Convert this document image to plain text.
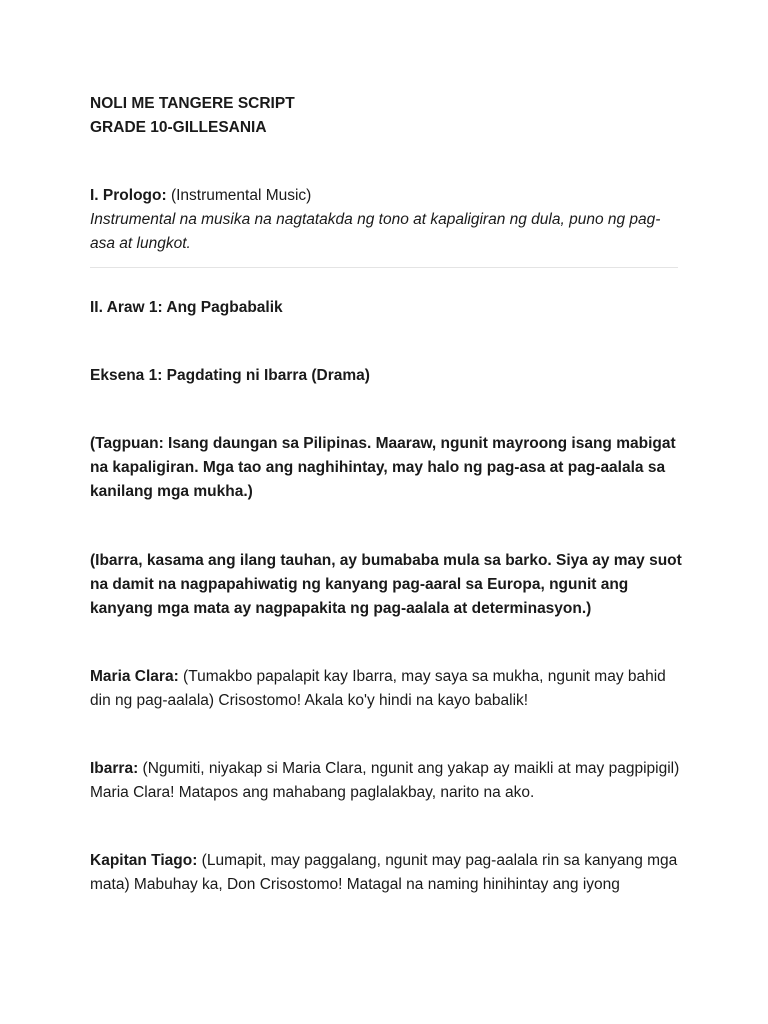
NOLI ME TANGERE SCRIPT
GRADE 10-GILLESANIA

I. Prologo: (Instrumental Music)
Instrumental na musika na nagtatakda ng tono at kapaligiran ng dula, puno ng pag-asa at lungkot.

II. Araw 1: Ang Pagbabalik

Eksena 1: Pagdating ni Ibarra (Drama)

(Tagpuan: Isang daungan sa Pilipinas. Maaraw, ngunit mayroong isang mabigat na kapaligiran. Mga tao ang naghihintay, may halo ng pag-asa at pag-aalala sa kanilang mga mukha.)

(Ibarra, kasama ang ilang tauhan, ay bumababa mula sa barko. Siya ay may suot na damit na nagpapahiwatig ng kanyang pag-aaral sa Europa, ngunit ang kanyang mga mata ay nagpapakita ng pag-aalala at determinasyon.)

Maria Clara: (Tumakbo papalapit kay Ibarra, may saya sa mukha, ngunit may bahid din ng pag-aalala) Crisostomo! Akala ko'y hindi na kayo babalik!

Ibarra: (Ngumiti, niyakap si Maria Clara, ngunit ang yakap ay maikli at may pagpipigil) Maria Clara! Matapos ang mahabang paglalakbay, narito na ako.

Kapitan Tiago: (Lumapit, may paggalang, ngunit may pag-aalala rin sa kanyang mga mata) Mabuhay ka, Don Crisostomo! Matagal na naming hinihintay ang iyong
